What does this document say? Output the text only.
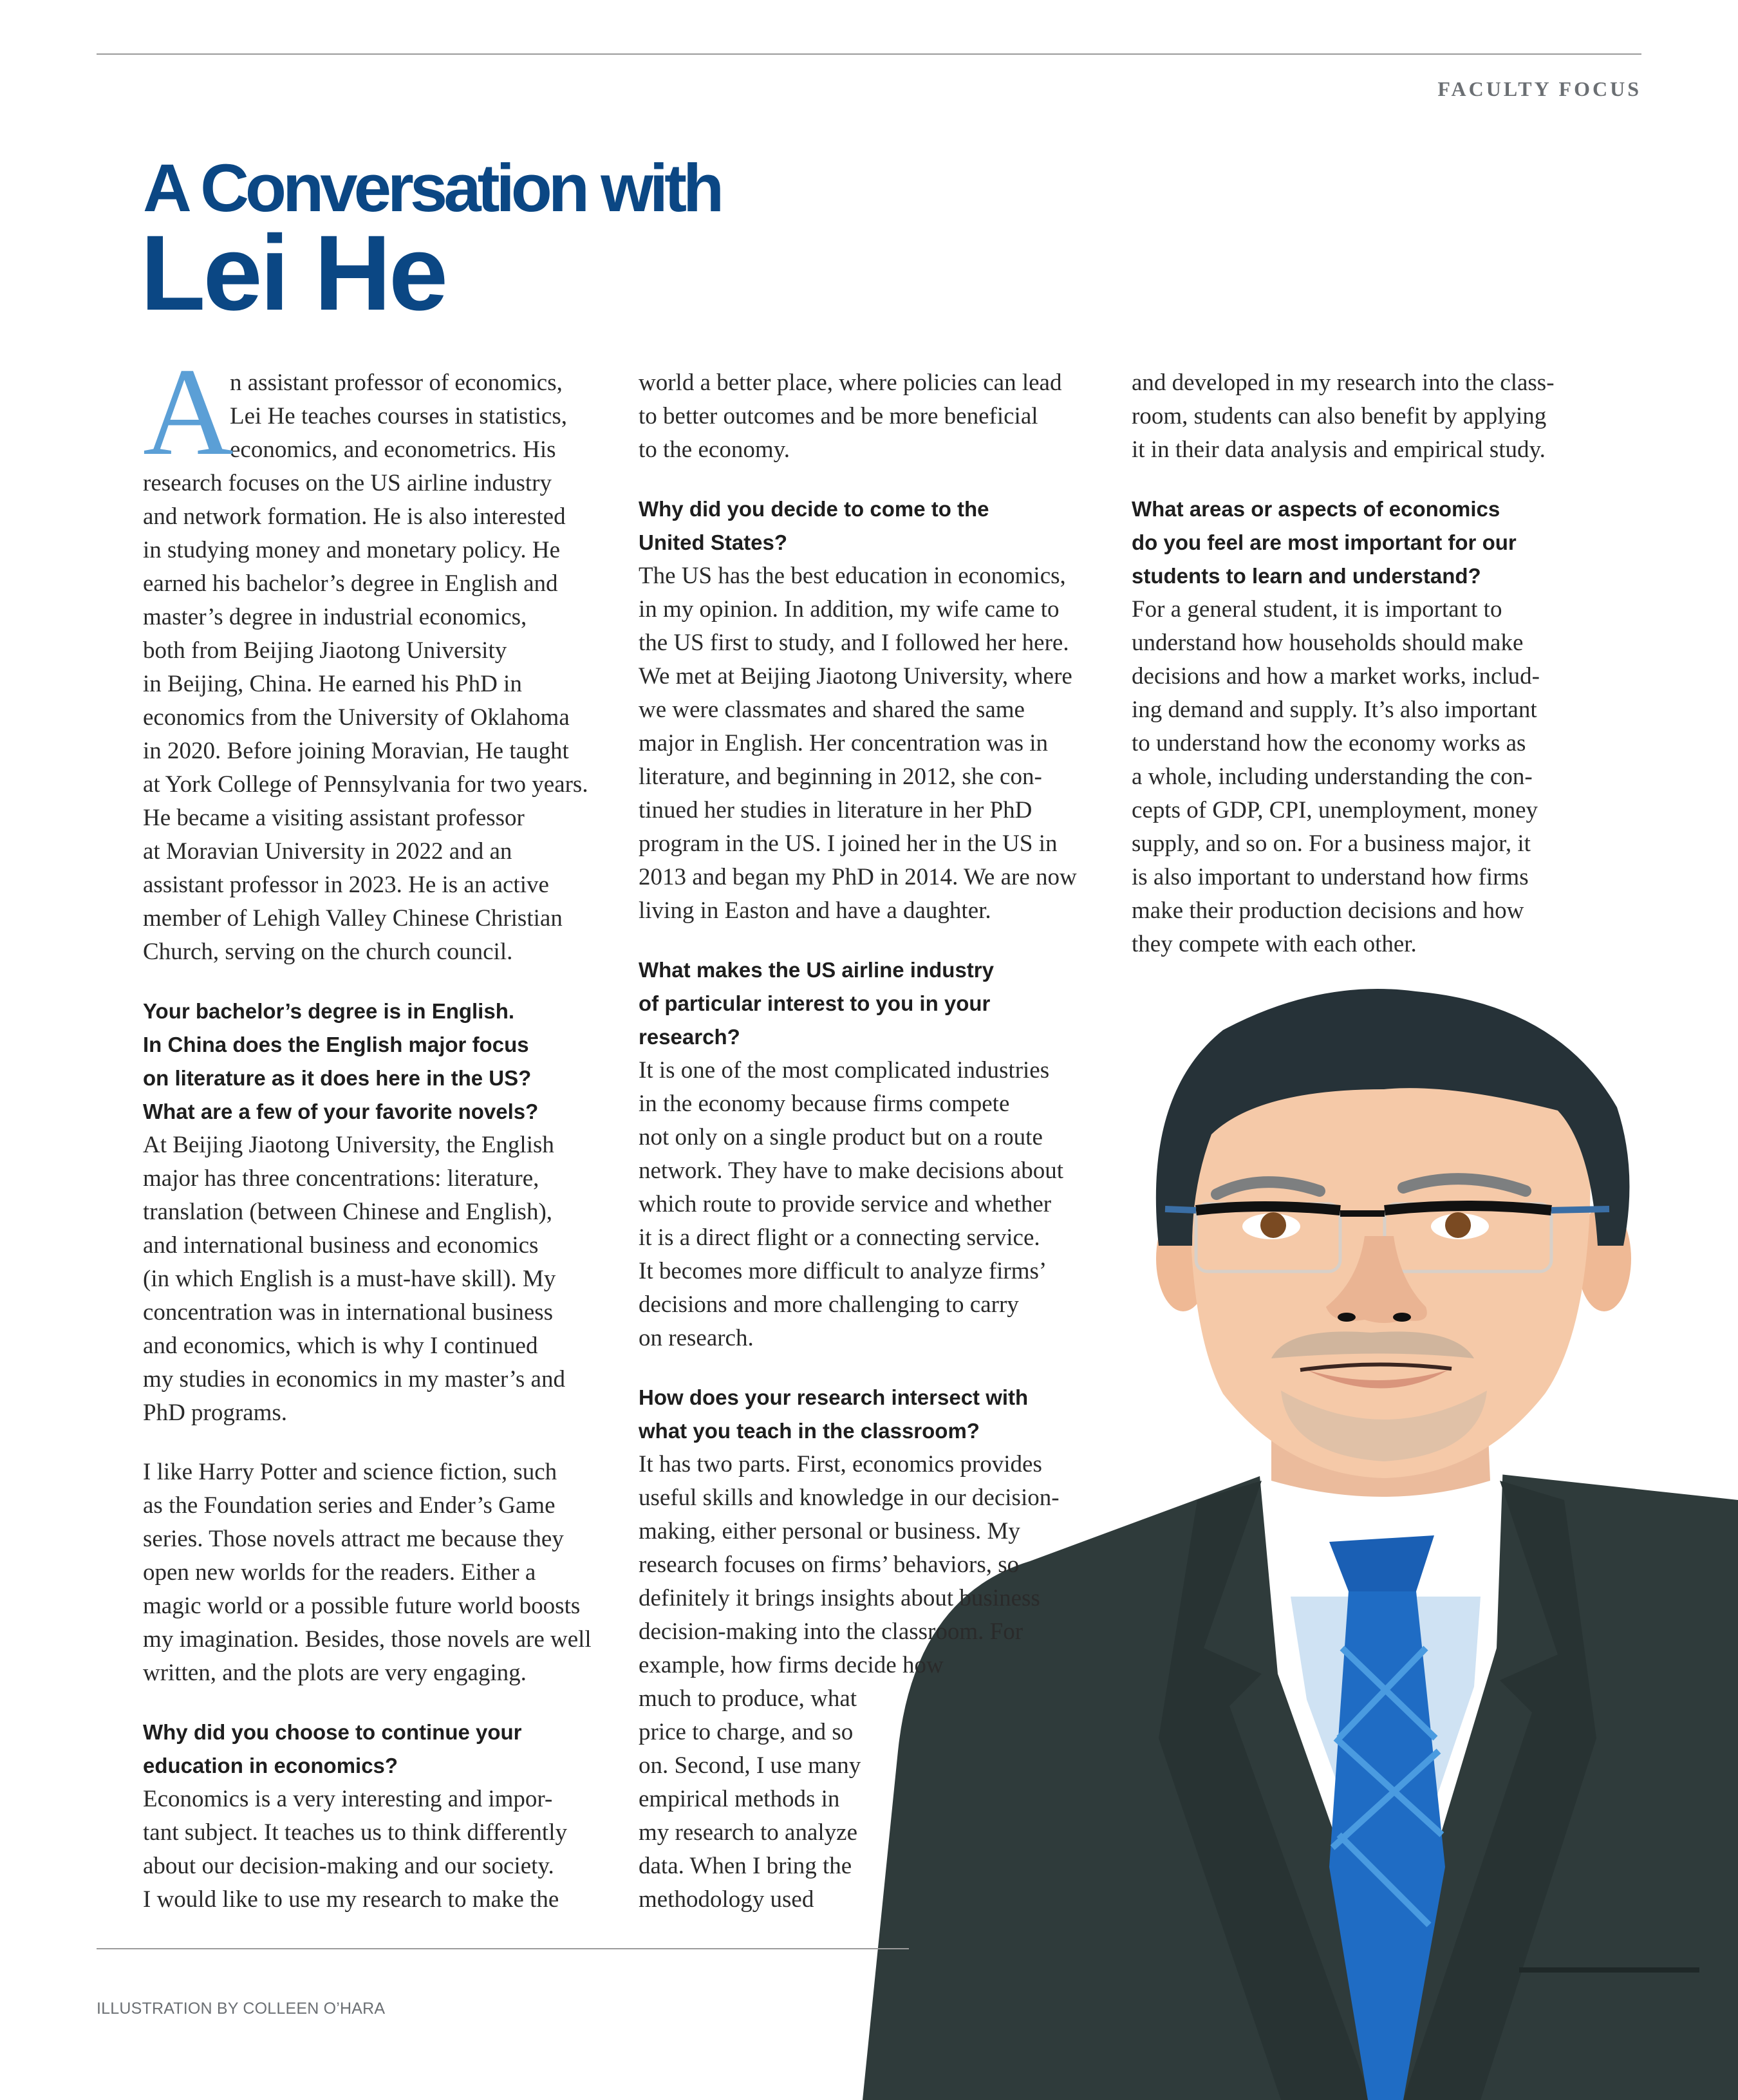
FACULTY FOCUS
A Conversation with
Lei He
A
n assistant professor of economics,
Lei He teaches courses in statistics,
economics, and econometrics. His
research focuses on the US airline industry
and network formation. He is also interested
in studying money and monetary policy. He
earned his bachelor’s degree in English and
master’s degree in industrial economics,
both from Beijing Jiaotong University
in Beijing, China. He earned his PhD in
economics from the University of Oklahoma
in 2020. Before joining Moravian, He taught
at York College of Pennsylvania for two years.
He became a visiting assistant professor
at Moravian University in 2022 and an
assistant professor in 2023. He is an active
member of Lehigh Valley Chinese Christian
Church, serving on the church council.
Your bachelor’s degree is in English.
In China does the English major focus
on literature as it does here in the US?
What are a few of your favorite novels?
At Beijing Jiaotong University, the English
major has three concentrations: literature,
translation (between Chinese and English),
and international business and economics
(in which English is a must-have skill). My
concentration was in international business
and economics, which is why I continued
my studies in economics in my master’s and
PhD programs.
I like Harry Potter and science fiction, such
as the Foundation series and Ender’s Game
series. Those novels attract me because they
open new worlds for the readers. Either a
magic world or a possible future world boosts
my imagination. Besides, those novels are well
written, and the plots are very engaging.
Why did you choose to continue your
education in economics?
Economics is a very interesting and impor-
tant subject. It teaches us to think differently
about our decision-making and our society.
I would like to use my research to make the
world a better place, where policies can lead
to better outcomes and be more beneficial
to the economy.
Why did you decide to come to the
United States?
The US has the best education in economics,
in my opinion. In addition, my wife came to
the US first to study, and I followed her here.
We met at Beijing Jiaotong University, where
we were classmates and shared the same
major in English. Her concentration was in
literature, and beginning in 2012, she con-
tinued her studies in literature in her PhD
program in the US. I joined her in the US in
2013 and began my PhD in 2014. We are now
living in Easton and have a daughter.
What makes the US airline industry
of particular interest to you in your
research?
It is one of the most complicated industries
in the economy because firms compete
not only on a single product but on a route
network. They have to make decisions about
which route to provide service and whether
it is a direct flight or a connecting service.
It becomes more difficult to analyze firms’
decisions and more challenging to carry
on research.
How does your research intersect with
what you teach in the classroom?
It has two parts. First, economics provides
useful skills and knowledge in our decision-
making, either personal or business. My
research focuses on firms’ behaviors, so
definitely it brings insights about business
decision-making into the classroom. For
example, how firms decide how
much to produce, what
price to charge, and so
on. Second, I use many
empirical methods in
my research to analyze
data. When I bring the
methodology used
and developed in my research into the class-
room, students can also benefit by applying
it in their data analysis and empirical study.
What areas or aspects of economics
do you feel are most important for our
students to learn and understand?
For a general student, it is important to
understand how households should make
decisions and how a market works, includ-
ing demand and supply. It’s also important
to understand how the economy works as
a whole, including understanding the con-
cepts of GDP, CPI, unemployment, money
supply, and so on. For a business major, it
is also important to understand how firms
make their production decisions and how
they compete with each other.
ILLUSTRATION BY COLLEEN O’HARA
